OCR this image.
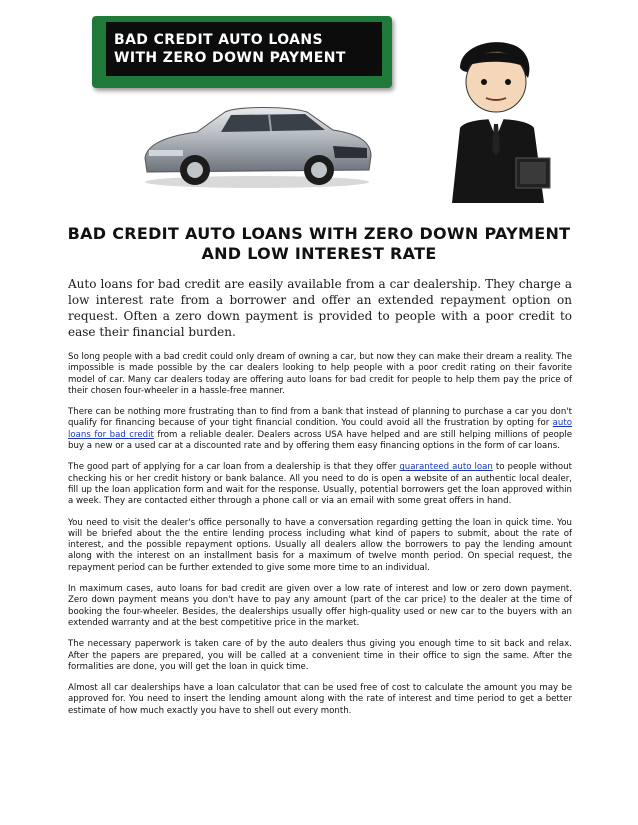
BAD CREDIT AUTO LOANS
WITH ZERO DOWN PAYMENT
BAD CREDIT AUTO LOANS WITH ZERO DOWN PAYMENT AND LOW INTEREST RATE
Auto loans for bad credit are easily available from a car dealership. They charge a low interest rate from a borrower and offer an extended repayment option on request. Often a zero down payment is provided to people with a poor credit to ease their financial burden.

So long people with a bad credit could only dream of owning a car, but now they can make their dream a reality. The impossible is made possible by the car dealers looking to help people with a poor credit rating on their favorite model of car. Many car dealers today are offering auto loans for bad credit for people to help them pay the price of their chosen four-wheeler in a hassle-free manner.

There can be nothing more frustrating than to find from a bank that instead of planning to purchase a car you don't qualify for financing because of your tight financial condition. You could avoid all the frustration by opting for auto loans for bad credit from a reliable dealer. Dealers across USA have helped and are still helping millions of people buy a new or a used car at a discounted rate and by offering them easy financing options in the form of car loans.

The good part of applying for a car loan from a dealership is that they offer guaranteed auto loan to people without checking his or her credit history or bank balance. All you need to do is open a website of an authentic local dealer, fill up the loan application form and wait for the response. Usually, potential borrowers get the loan approved within a week. They are contacted either through a phone call or via an email with some great offers in hand.

You need to visit the dealer's office personally to have a conversation regarding getting the loan in quick time. You will be briefed about the the entire lending process including what kind of papers to submit, about the rate of interest, and the possible repayment options. Usually all dealers allow the borrowers to pay the lending amount along with the interest on an installment basis for a maximum of twelve month period. On special request, the repayment period can be further extended to give some more time to an individual.

In maximum cases, auto loans for bad credit are given over a low rate of interest and low or zero down payment. Zero down payment means you don't have to pay any amount (part of the car price) to the dealer at the time of booking the four-wheeler. Besides, the dealerships usually offer high-quality used or new car to the buyers with an extended warranty and at the best competitive price in the market.

The necessary paperwork is taken care of by the auto dealers thus giving you enough time to sit back and relax. After the papers are prepared, you will be called at a convenient time in their office to sign the same. After the formalities are done, you will get the loan in quick time.

Almost all car dealerships have a loan calculator that can be used free of cost to calculate the amount you may be approved for. You need to insert the lending amount along with the rate of interest and time period to get a better estimate of how much exactly you have to shell out every month.
